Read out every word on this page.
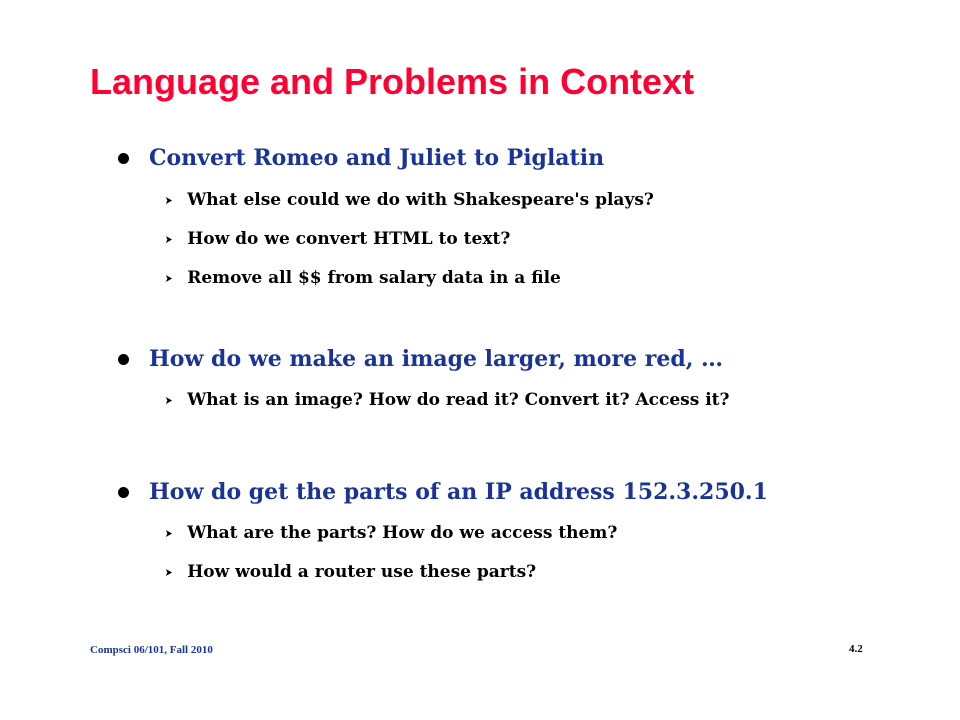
Language and Problems in Context
Convert Romeo and Juliet to Piglatin
➤ What else could we do with Shakespeare's plays?
➤ How do we convert HTML to text?
➤ Remove all $$ from salary data in a file
How do we make an image larger, more red, …
➤ What is an image? How do read it? Convert it? Access it?
How do get the parts of an IP address 152.3.250.1
➤ What are the parts? How do we access them?
➤ How would a router use these parts?
Compsci 06/101, Fall 2010	4.2
